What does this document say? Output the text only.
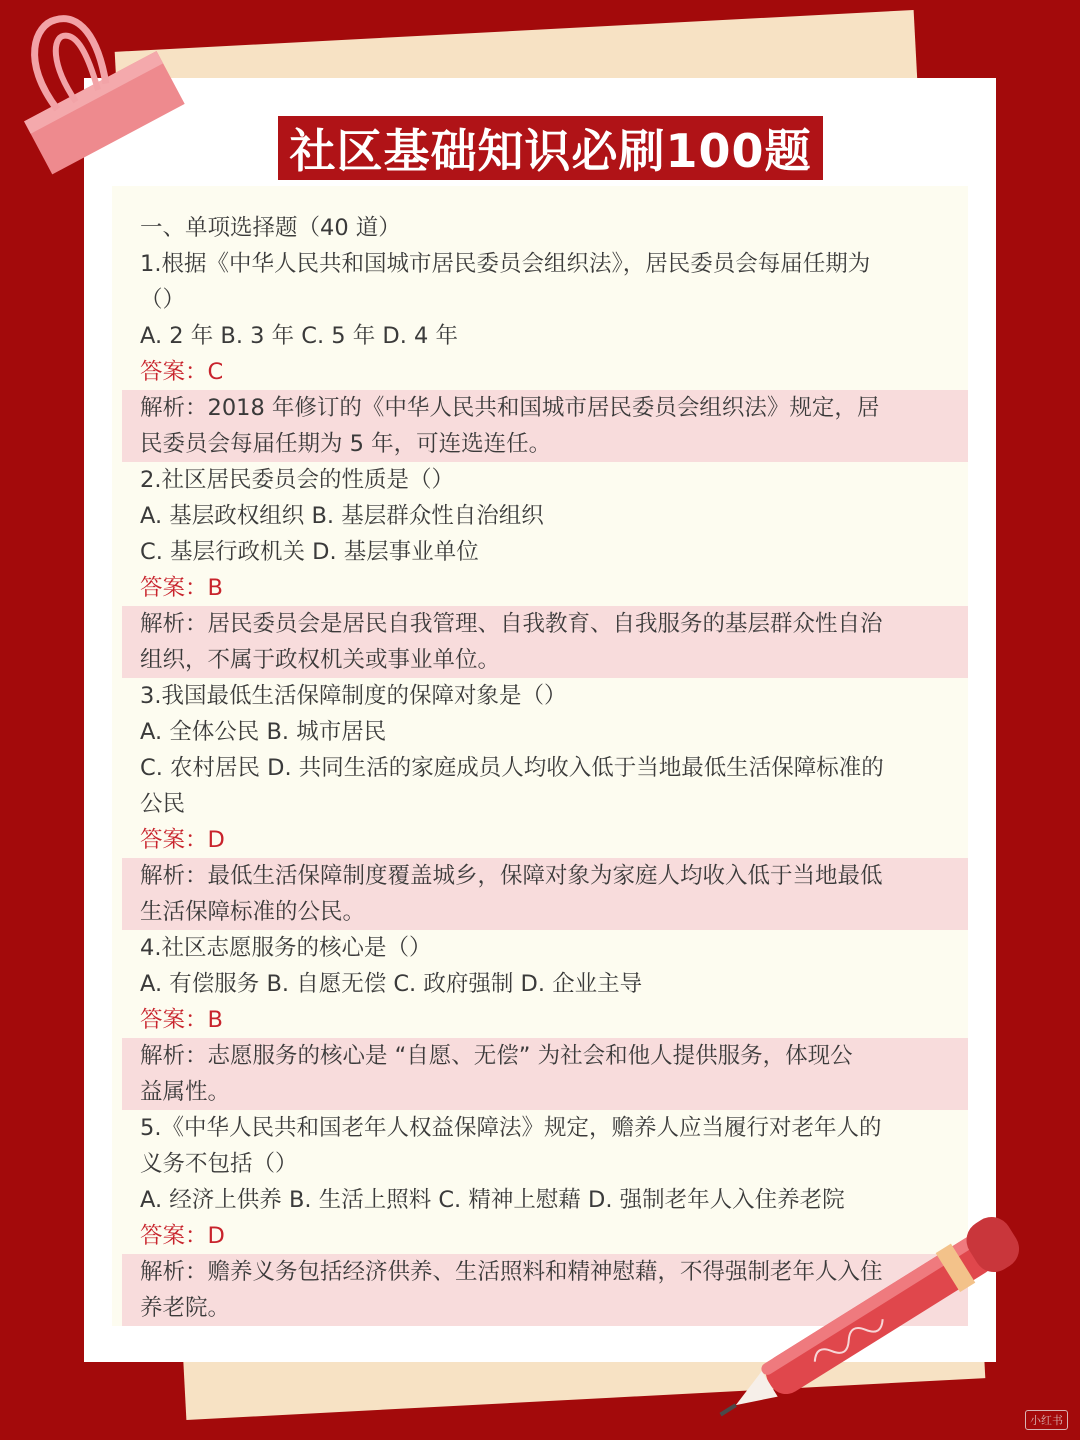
社区基础知识必刷100题
一、单项选择题（40 道）
1.根据《中华人民共和国城市居民委员会组织法》，居民委员会每届任期为
（）
A. 2 年 B. 3 年 C. 5 年 D. 4 年
答案：C
解析：2018 年修订的《中华人民共和国城市居民委员会组织法》规定，居
民委员会每届任期为 5 年，可连选连任。
2.社区居民委员会的性质是（）
A. 基层政权组织 B. 基层群众性自治组织
C. 基层行政机关 D. 基层事业单位
答案：B
解析：居民委员会是居民自我管理、自我教育、自我服务的基层群众性自治
组织，不属于政权机关或事业单位。
3.我国最低生活保障制度的保障对象是（）
A. 全体公民 B. 城市居民
C. 农村居民 D. 共同生活的家庭成员人均收入低于当地最低生活保障标准的
公民
答案：D
解析：最低生活保障制度覆盖城乡，保障对象为家庭人均收入低于当地最低
生活保障标准的公民。
4.社区志愿服务的核心是（）
A. 有偿服务 B. 自愿无偿 C. 政府强制 D. 企业主导
答案：B
解析：志愿服务的核心是 “自愿、无偿” 为社会和他人提供服务，体现公
益属性。
5.《中华人民共和国老年人权益保障法》规定，赡养人应当履行对老年人的
义务不包括（）
A. 经济上供养 B. 生活上照料 C. 精神上慰藉 D. 强制老年人入住养老院
答案：D
解析：赡养义务包括经济供养、生活照料和精神慰藉，不得强制老年人入住
养老院。
小红书
